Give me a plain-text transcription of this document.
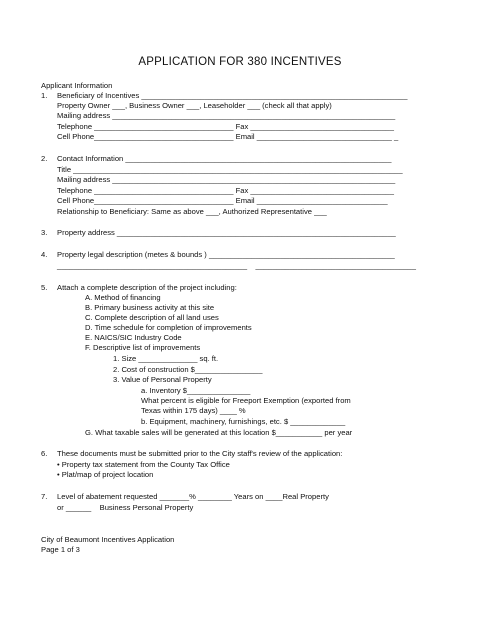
APPLICATION FOR 380 INCENTIVES
Applicant Information
1. Beneficiary of Incentives _______________________________________________________________
Property Owner ___, Business Owner ___, Leaseholder ___ (check all that apply)
Mailing address ___________________________________________________________________
Telephone _________________________________ Fax __________________________________
Cell Phone_________________________________ Email ________________________________ _
2. Contact Information _______________________________________________________________
Title ______________________________________________________________________________
Mailing address ___________________________________________________________________
Telephone _________________________________ Fax __________________________________
Cell Phone_________________________________ Email _______________________________
Relationship to Beneficiary: Same as above ___, Authorized Representative ___
3. Property address __________________________________________________________________
4. Property legal description (metes & bounds ) ____________________________________________
_____________________________________________    ______________________________________
5. Attach a complete description of the project including:
A. Method of financing
B. Primary business activity at this site
C. Complete description of all land uses
D. Time schedule for completion of improvements
E. NAICS/SIC Industry Code
F. Descriptive list of improvements
1. Size ______________ sq. ft.
2. Cost of construction $________________
3. Value of Personal Property
a. Inventory $_______________
What percent is eligible for Freeport Exemption (exported from
Texas within 175 days) ____ %
b. Equipment, machinery, furnishings, etc. $ _____________
G. What taxable sales will be generated at this location $___________ per year
6. These documents must be submitted prior to the City staff's review of the application:
• Property tax statement from the County Tax Office
• Plat/map of project location
7. Level of abatement requested _______% ________ Years on ____Real Property
or ______    Business Personal Property
City of Beaumont Incentives Application
Page 1 of 3
